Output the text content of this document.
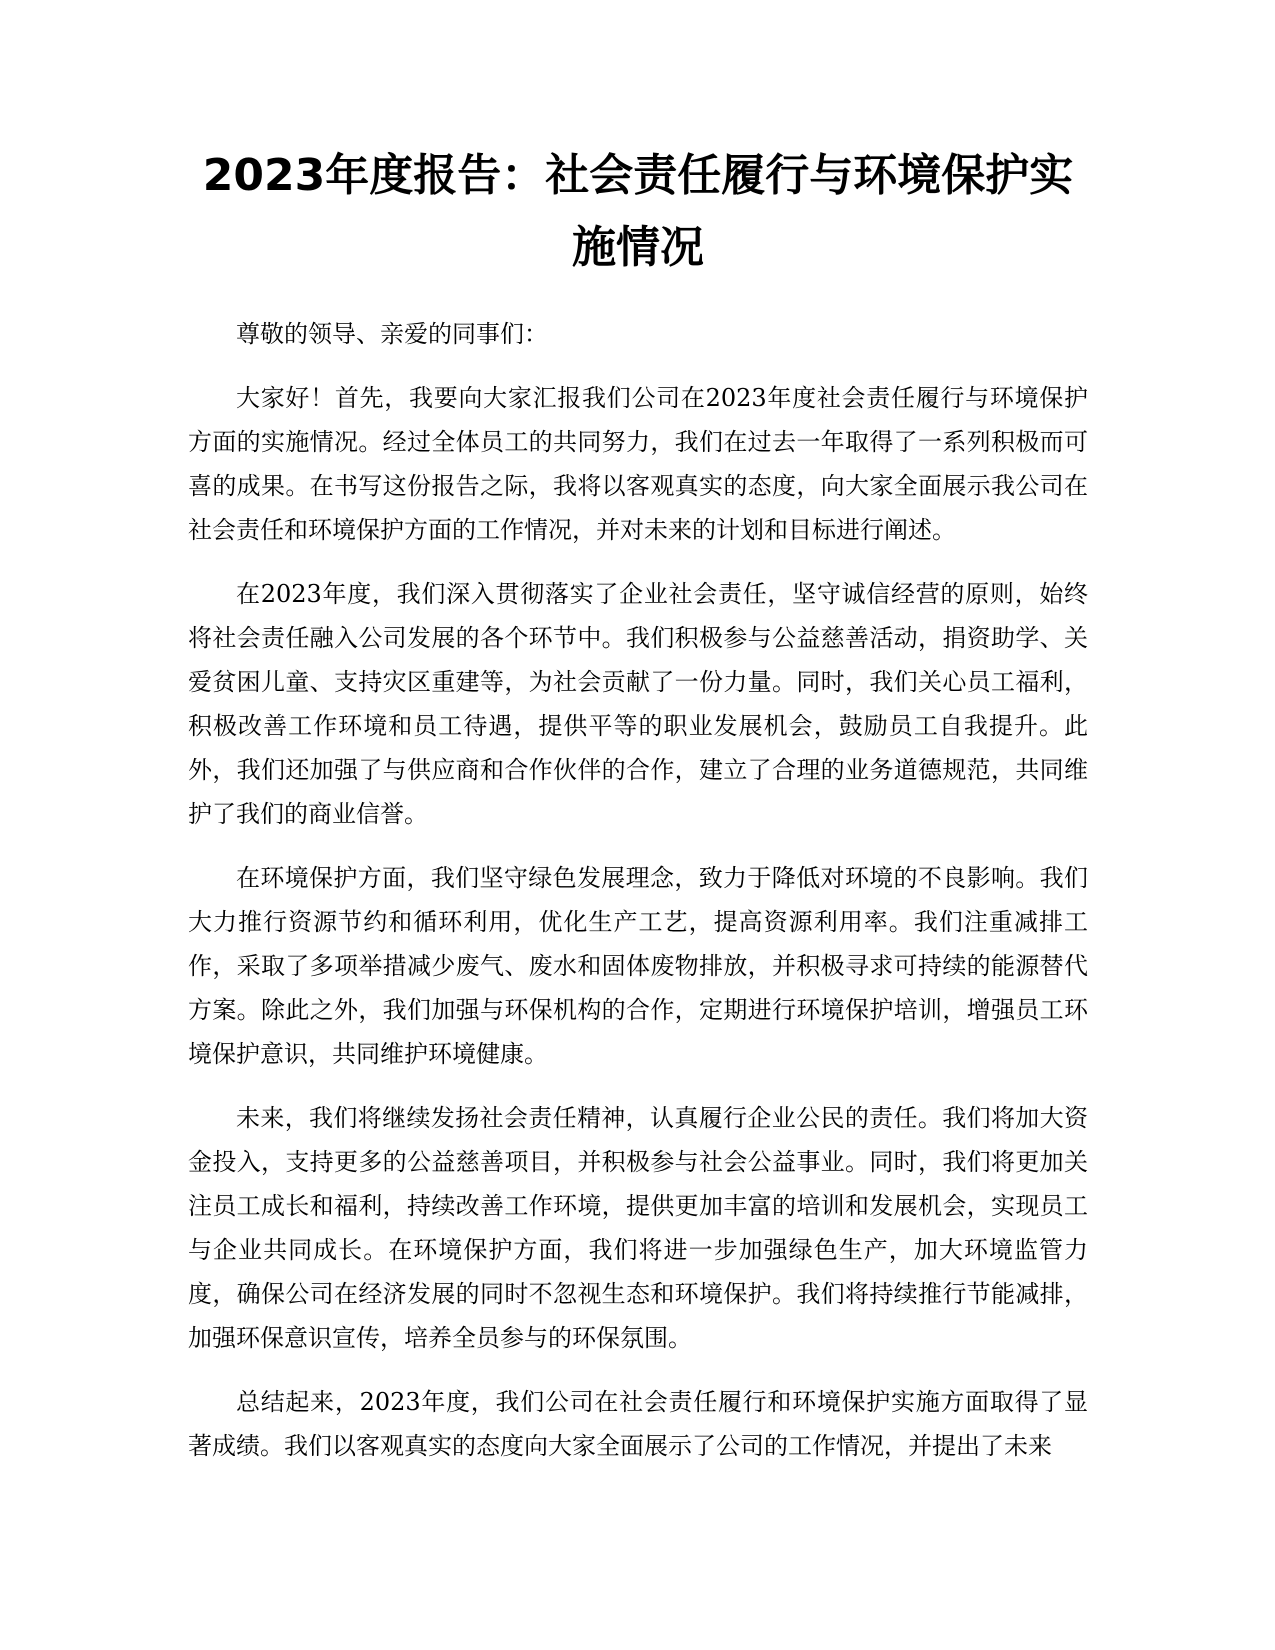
2023年度报告：社会责任履行与环境保护实施情况

尊敬的领导、亲爱的同事们：

大家好！首先，我要向大家汇报我们公司在2023年度社会责任履行与环境保护方面的实施情况。经过全体员工的共同努力，我们在过去一年取得了一系列积极而可喜的成果。在书写这份报告之际，我将以客观真实的态度，向大家全面展示我公司在社会责任和环境保护方面的工作情况，并对未来的计划和目标进行阐述。

在2023年度，我们深入贯彻落实了企业社会责任，坚守诚信经营的原则，始终将社会责任融入公司发展的各个环节中。我们积极参与公益慈善活动，捐资助学、关爱贫困儿童、支持灾区重建等，为社会贡献了一份力量。同时，我们关心员工福利，积极改善工作环境和员工待遇，提供平等的职业发展机会，鼓励员工自我提升。此外，我们还加强了与供应商和合作伙伴的合作，建立了合理的业务道德规范，共同维护了我们的商业信誉。

在环境保护方面，我们坚守绿色发展理念，致力于降低对环境的不良影响。我们大力推行资源节约和循环利用，优化生产工艺，提高资源利用率。我们注重减排工作，采取了多项举措减少废气、废水和固体废物排放，并积极寻求可持续的能源替代方案。除此之外，我们加强与环保机构的合作，定期进行环境保护培训，增强员工环境保护意识，共同维护环境健康。

未来，我们将继续发扬社会责任精神，认真履行企业公民的责任。我们将加大资金投入，支持更多的公益慈善项目，并积极参与社会公益事业。同时，我们将更加关注员工成长和福利，持续改善工作环境，提供更加丰富的培训和发展机会，实现员工与企业共同成长。在环境保护方面，我们将进一步加强绿色生产，加大环境监管力度，确保公司在经济发展的同时不忽视生态和环境保护。我们将持续推行节能减排，加强环保意识宣传，培养全员参与的环保氛围。

总结起来，2023年度，我们公司在社会责任履行和环境保护实施方面取得了显著成绩。我们以客观真实的态度向大家全面展示了公司的工作情况，并提出了未来
